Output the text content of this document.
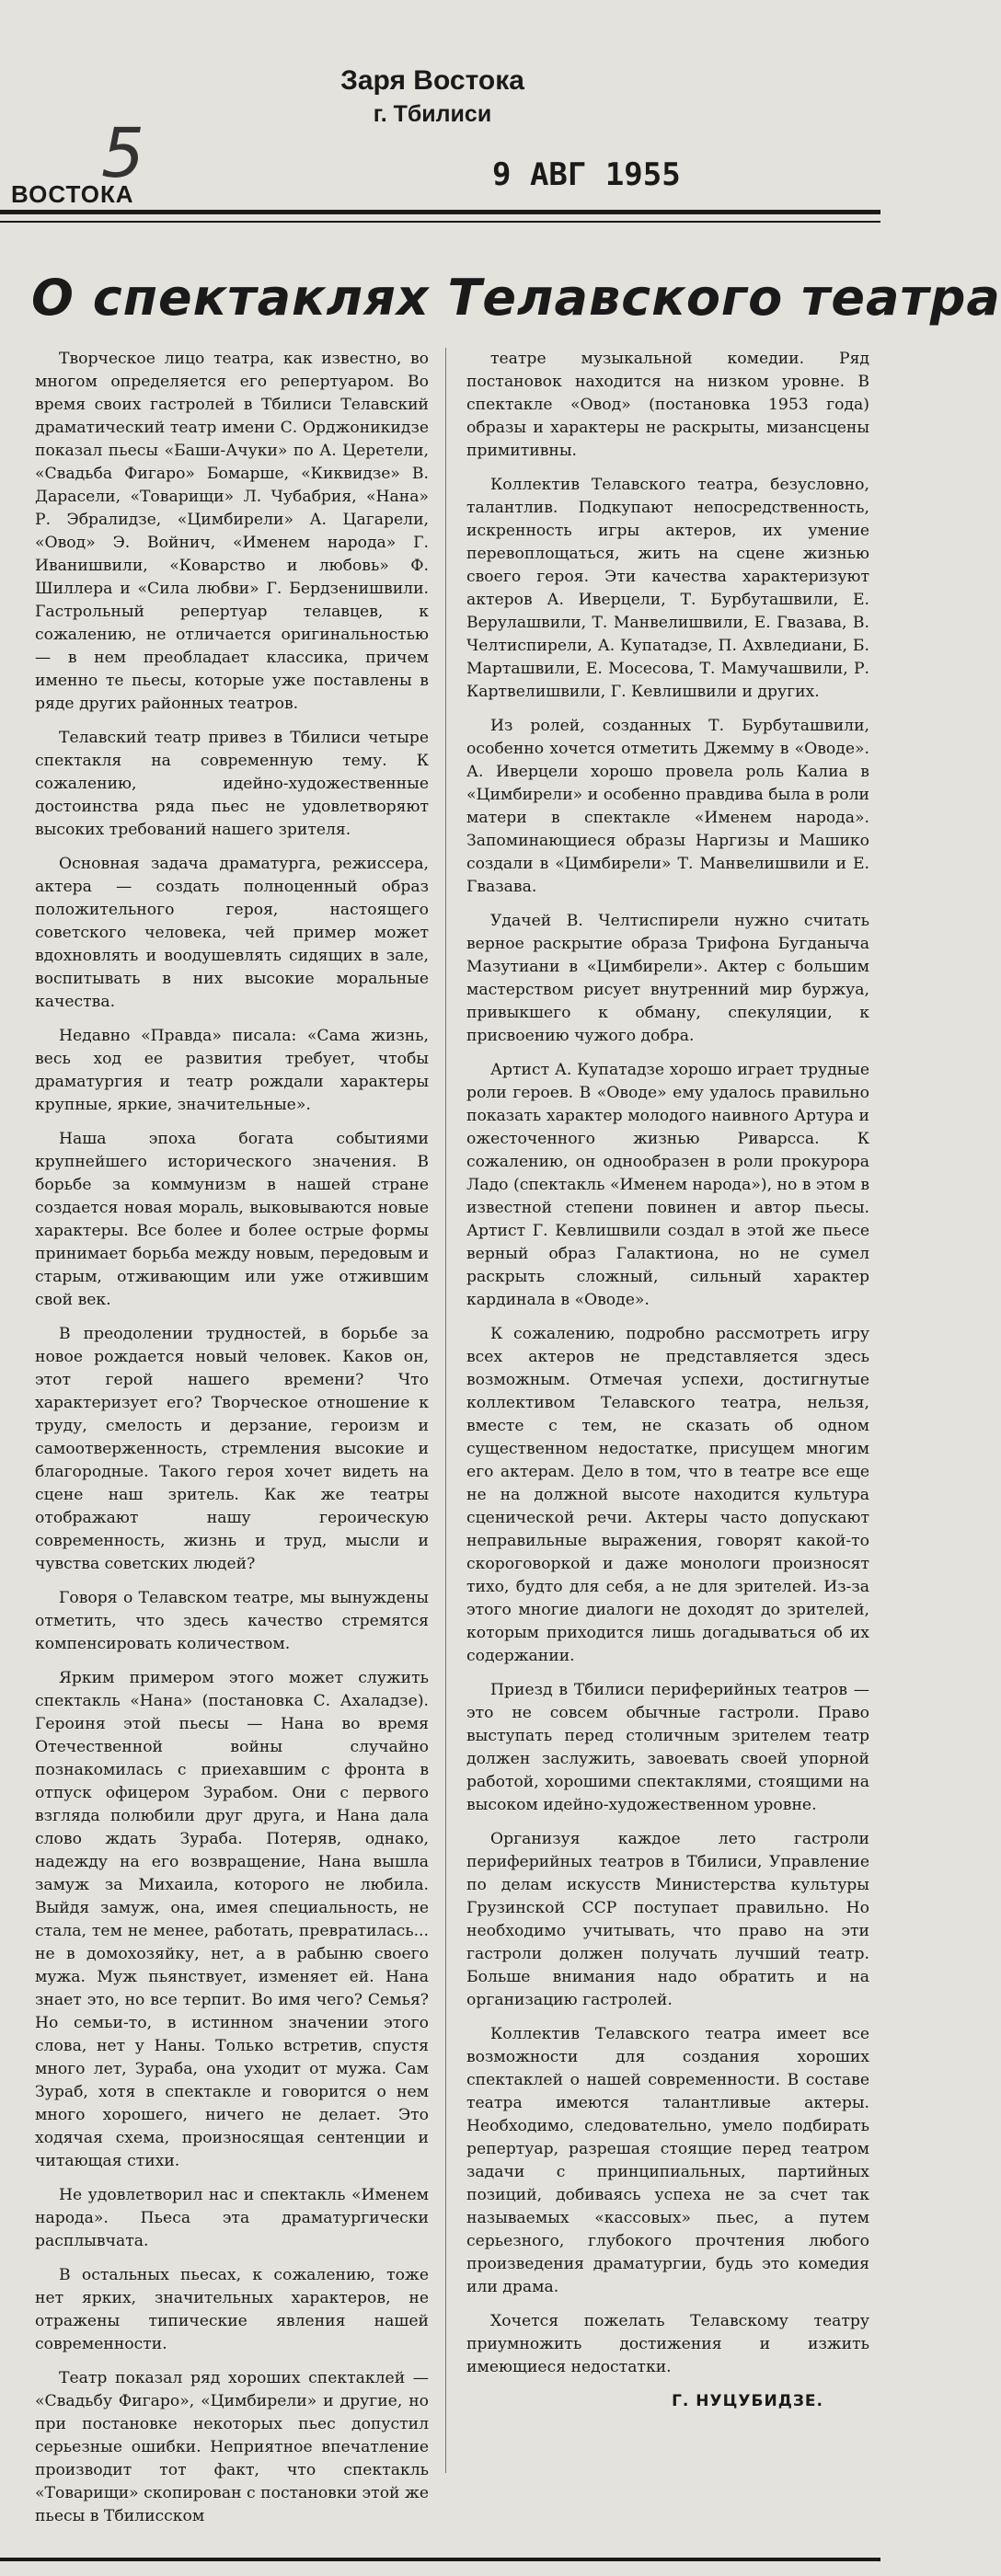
Заря Востока
г. Тбилиси
5	9 АВГ 1955
ВОСТОКА
О спектаклях Телавского театра

Творческое лицо театра, как известно, во многом определяется его репертуаром. Во время своих гастролей в Тбилиси Телавский драматический театр имени С. Орджоникидзе показал пьесы «Баши-Ачуки» по А. Церетели, «Свадьба Фигаро» Бомарше, «Киквидзе» В. Дарасели, «Товарищи» Л. Чубабрия, «Нана» Р. Эбралидзе, «Цимбирели» А. Цагарели, «Овод» Э. Войнич, «Именем народа» Г. Иванишвили, «Коварство и любовь» Ф. Шиллера и «Сила любви» Г. Бердзенишвили. Гастрольный репертуар телавцев, к сожалению, не отличается оригинальностью — в нем преобладает классика, причем именно те пьесы, которые уже поставлены в ряде других районных театров.

Телавский театр привез в Тбилиси четыре спектакля на современную тему. К сожалению, идейно-художественные достоинства ряда пьес не удовлетворяют высоких требований нашего зрителя.

Основная задача драматурга, режиссера, актера — создать полноценный образ положительного героя, настоящего советского человека, чей пример может вдохновлять и воодушевлять сидящих в зале, воспитывать в них высокие моральные качества.

Недавно «Правда» писала: «Сама жизнь, весь ход ее развития требует, чтобы драматургия и театр рождали характеры крупные, яркие, значительные».

Наша эпоха богата событиями крупнейшего исторического значения. В борьбе за коммунизм в нашей стране создается новая мораль, выковываются новые характеры. Все более и более острые формы принимает борьба между новым, передовым и старым, отживающим или уже отжившим свой век.

В преодолении трудностей, в борьбе за новое рождается новый человек. Каков он, этот герой нашего времени? Что характеризует его? Творческое отношение к труду, смелость и дерзание, героизм и самоотверженность, стремления высокие и благородные. Такого героя хочет видеть на сцене наш зритель. Как же театры отображают нашу героическую современность, жизнь и труд, мысли и чувства советских людей?

Говоря о Телавском театре, мы вынуждены отметить, что здесь качество стремятся компенсировать количеством.

Ярким примером этого может служить спектакль «Нана» (постановка С. Ахаладзе). Героиня этой пьесы — Нана во время Отечественной войны случайно познакомилась с приехавшим с фронта в отпуск офицером Зурабом. Они с первого взгляда полюбили друг друга, и Нана дала слово ждать Зураба. Потеряв, однако, надежду на его возвращение, Нана вышла замуж за Михаила, которого не любила. Выйдя замуж, она, имея специальность, не стала, тем не менее, работать, превратилась... не в домохозяйку, нет, а в рабыню своего мужа. Муж пьянствует, изменяет ей. Нана знает это, но все терпит. Во имя чего? Семья? Но семьи-то, в истинном значении этого слова, нет у Наны. Только встретив, спустя много лет, Зураба, она уходит от мужа. Сам Зураб, хотя в спектакле и говорится о нем много хорошего, ничего не делает. Это ходячая схема, произносящая сентенции и читающая стихи.

Не удовлетворил нас и спектакль «Именем народа». Пьеса эта драматургически расплывчата.

В остальных пьесах, к сожалению, тоже нет ярких, значительных характеров, не отражены типические явления нашей современности.

Театр показал ряд хороших спектаклей — «Свадьбу Фигаро», «Цимбирели» и другие, но при постановке некоторых пьес допустил серьезные ошибки. Неприятное впечатление производит тот факт, что спектакль «Товарищи» скопирован с постановки этой же пьесы в Тбилисском

театре музыкальной комедии. Ряд постановок находится на низком уровне. В спектакле «Овод» (постановка 1953 года) образы и характеры не раскрыты, мизансцены примитивны.

Коллектив Телавского театра, безусловно, талантлив. Подкупают непосредственность, искренность игры актеров, их умение перевоплощаться, жить на сцене жизнью своего героя. Эти качества характеризуют актеров А. Иверцели, Т. Бурбуташвили, Е. Верулашвили, Т. Манвелишвили, Е. Гвазава, В. Челтиспирели, А. Купатадзе, П. Ахвледиани, Б. Марташвили, Е. Мосесова, Т. Мамучашвили, Р. Картвелишвили, Г. Кевлишвили и других.

Из ролей, созданных Т. Бурбуташвили, особенно хочется отметить Джемму в «Оводе». А. Иверцели хорошо провела роль Калиа в «Цимбирели» и особенно правдива была в роли матери в спектакле «Именем народа». Запоминающиеся образы Наргизы и Машико создали в «Цимбирели» Т. Манвелишвили и Е. Гвазава.

Удачей В. Челтиспирели нужно считать верное раскрытие образа Трифона Бугданыча Мазутиани в «Цимбирели». Актер с большим мастерством рисует внутренний мир буржуа, привыкшего к обману, спекуляции, к присвоению чужого добра.

Артист А. Купатадзе хорошо играет трудные роли героев. В «Оводе» ему удалось правильно показать характер молодого наивного Артура и ожесточенного жизнью Риварсса. К сожалению, он однообразен в роли прокурора Ладо (спектакль «Именем народа»), но в этом в известной степени повинен и автор пьесы. Артист Г. Кевлишвили создал в этой же пьесе верный образ Галактиона, но не сумел раскрыть сложный, сильный характер кардинала в «Оводе».

К сожалению, подробно рассмотреть игру всех актеров не представляется здесь возможным. Отмечая успехи, достигнутые коллективом Телавского театра, нельзя, вместе с тем, не сказать об одном существенном недостатке, присущем многим его актерам. Дело в том, что в театре все еще не на должной высоте находится культура сценической речи. Актеры часто допускают неправильные выражения, говорят какой-то скороговоркой и даже монологи произносят тихо, будто для себя, а не для зрителей. Из-за этого многие диалоги не доходят до зрителей, которым приходится лишь догадываться об их содержании.

Приезд в Тбилиси периферийных театров — это не совсем обычные гастроли. Право выступать перед столичным зрителем театр должен заслужить, завоевать своей упорной работой, хорошими спектаклями, стоящими на высоком идейно-художественном уровне.

Организуя каждое лето гастроли периферийных театров в Тбилиси, Управление по делам искусств Министерства культуры Грузинской ССР поступает правильно. Но необходимо учитывать, что право на эти гастроли должен получать лучший театр. Больше внимания надо обратить и на организацию гастролей.

Коллектив Телавского театра имеет все возможности для создания хороших спектаклей о нашей современности. В составе театра имеются талантливые актеры. Необходимо, следовательно, умело подбирать репертуар, разрешая стоящие перед театром задачи с принципиальных, партийных позиций, добиваясь успеха не за счет так называемых «кассовых» пьес, а путем серьезного, глубокого прочтения любого произведения драматургии, будь это комедия или драма.

Хочется пожелать Телавскому театру приумножить достижения и изжить имеющиеся недостатки.

Г. НУЦУБИДЗЕ.
